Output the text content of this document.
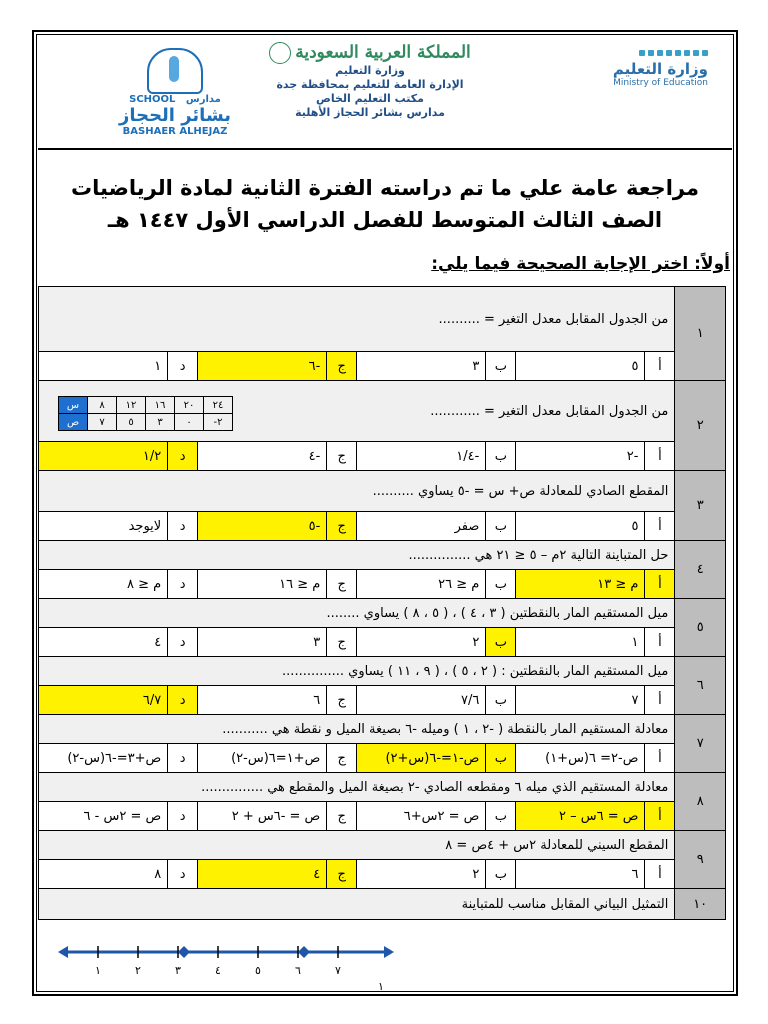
وزارة التعليم
Ministry of Education
المملكة العربية السعودية
وزارة التعليم
الإدارة العامة للتعليم بمحافظة جدة
مكتب التعليم الخاص
مدارس بشائر الحجاز الأهلية
SCHOOL مدارس
بشائر الحجاز
BASHAER ALHEJAZ
مراجعة عامة علي ما تم دراسته الفترة الثانية لمادة الرياضيات
الصف الثالث المتوسط للفصل الدراسي الأول ١٤٤٧ هـ
أولاً: اختر الإجابة الصحيحة فيما يلي:
١	
من الجدول المقابل معدل التغير = ..........

أ	٥	ب	٣	ج	-٦	د	١
٢	
من الجدول المقابل معدل التغير = ............

أ	-٢	ب	-١/٤	ج	-٤	د	١/٢
٣	المقطع الصادي للمعادلة ص+ س = -٥ يساوي ..........
أ	٥	ب	صفر	ج	-٥	د	لايوجد
٤	حل المتباينة التالية ٢م – ٥ ≤ ٢١ هي ...............
أ	م ≤ ١٣	ب	م ≤ ٢٦	ج	م ≤ ١٦	د	م ≤ ٨
٥	ميل المستقيم المار بالنقطتين ( ٣ ، ٤ ) ، ( ٥ ، ٨ ) يساوي ........
أ	١	ب	٢	ج	٣	د	٤
٦	ميل المستقيم المار بالنقطتين : ( ٢ ، ٥ ) ، ( ٩ ، ١١ ) يساوي ...............
أ	٧	ب	٧/٦	ج	٦	د	٦/٧
٧	معادلة المستقيم المار بالنقطة ( -٢ ، ١ ) وميله -٦ بصيغة الميل و نقطة هي ...........
أ	ص-٢= ٦(س+١)	ب	ص-١=-٦(س+٢)	ج	ص+١=٦(س-٢)	د	ص+٣=-٦(س-٢)
٨	معادلة المستقيم الذي ميله ٦ ومقطعه الصادي -٢ بصيغة الميل والمقطع هي ...............
أ	ص = ٦س – ٢	ب	ص = ٢س+٦	ج	ص = -٦س + ٢	د	ص = ٢س - ٦
٩	المقطع السيني للمعادلة ٢س + ٤ص = ٨
أ	٦	ب	٢	ج	٤	د	٨
١٠	التمثيل البياني المقابل مناسب للمتباينة
١	٢	٣	٤	٥	٦	٧
١
س	٨	١٢	١٦	٢٠	٢٤
ص	٧	٥	٣	٠	-٢
